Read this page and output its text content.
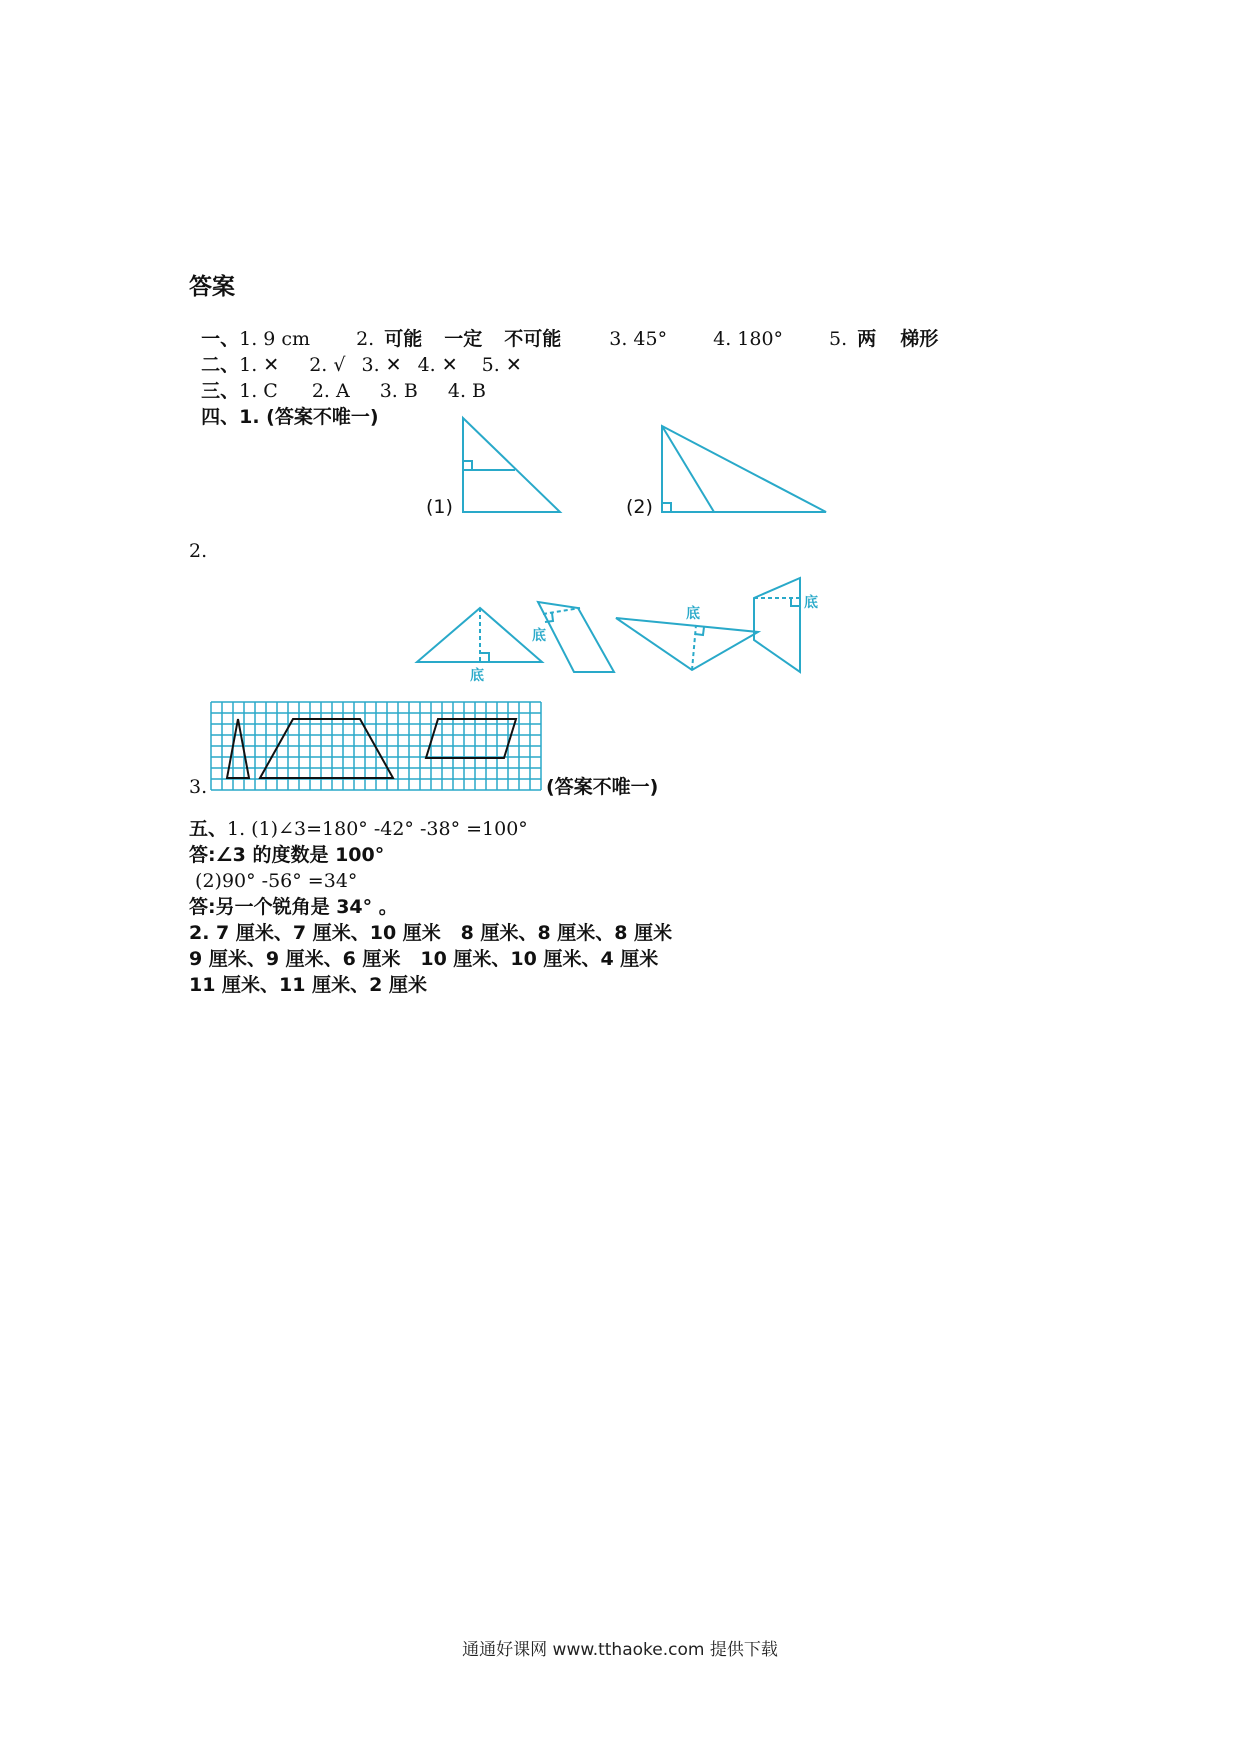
答案

一、1. 9 cm 2. 可能 一定 不可能	3. 45° 4. 180° 5. 两 梯形

二、1. ✕ 2. √ 3. ✕ 4. ✕ 5. ✕

三、1. C 2. A 3. B 4. B

四、1. (答案不唯一)

(1)	(2)
2.
底
底
底
底
3.	(答案不唯一)
五、1. (1)∠3=180° -42° -38° =100°
答:∠3 的度数是 100°
(2)90° -56° =34°
答:另一个锐角是 34° 。
2. 7 厘米、7 厘米、10 厘米   8 厘米、8 厘米、8 厘米
9 厘米、9 厘米、6 厘米   10 厘米、10 厘米、4 厘米
11 厘米、11 厘米、2 厘米
通通好课网 www.tthaoke.com 提供下载
